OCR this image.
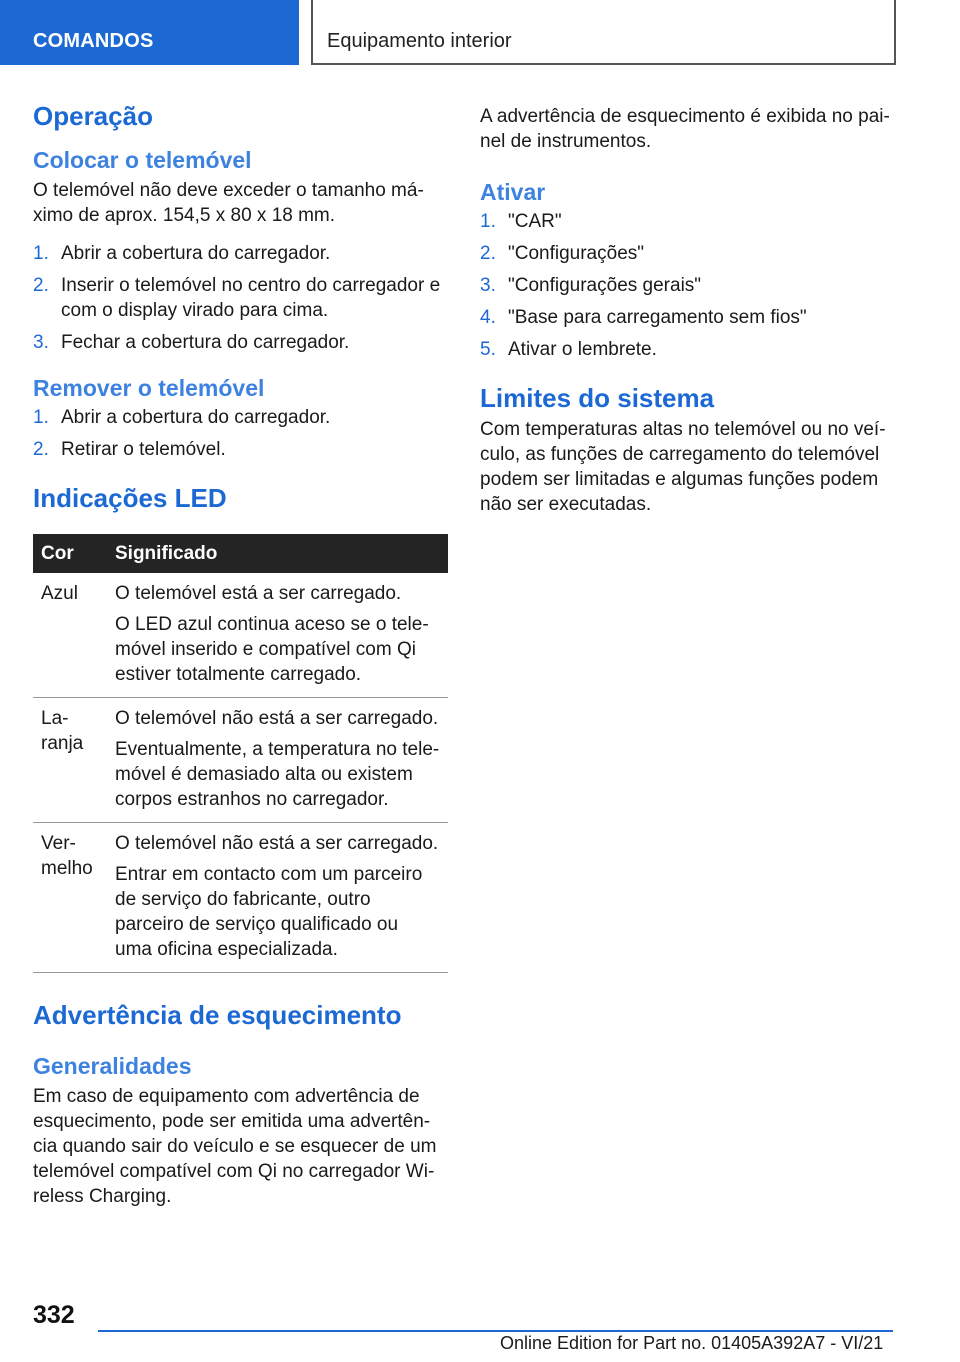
COMANDOS	Equipamento interior
Operação
Colocar o telemóvel

O telemóvel não deve exceder o tamanho máximo de aprox. 154,5 x 80 x 18 mm.

1. Abrir a cobertura do carregador.
2. Inserir o telemóvel no centro do carregador e com o display virado para cima.
3. Fechar a cobertura do carregador.
Remover o telemóvel
1. Abrir a cobertura do carregador.
2. Retirar o telemóvel.
Indicações LED
Cor	Significado
Azul	O telemóvel está a ser carregado.
O LED azul continua aceso se o telemóvel inserido e compatível com Qi estiver totalmente carregado.

Laranja	O telemóvel não está a ser carregado.
Eventualmente, a temperatura no telemóvel é demasiado alta ou existem corpos estranhos no carregador.

Vermelho	O telemóvel não está a ser carregado.
Entrar em contacto com um parceiro de serviço do fabricante, outro parceiro de serviço qualificado ou uma oficina especializada.
Advertência de esquecimento
Generalidades

Em caso de equipamento com advertência de esquecimento, pode ser emitida uma advertência quando sair do veículo e se esquecer de um telemóvel compatível com Qi no carregador Wireless Charging.

A advertência de esquecimento é exibida no painel de instrumentos.

Ativar
1. "CAR"
2. "Configurações"
3. "Configurações gerais"
4. "Base para carregamento sem fios"
5. Ativar o lembrete.
Limites do sistema

Com temperaturas altas no telemóvel ou no veículo, as funções de carregamento do telemóvel podem ser limitadas e algumas funções podem não ser executadas.

332
Online Edition for Part no. 01405A392A7 - VI/21
